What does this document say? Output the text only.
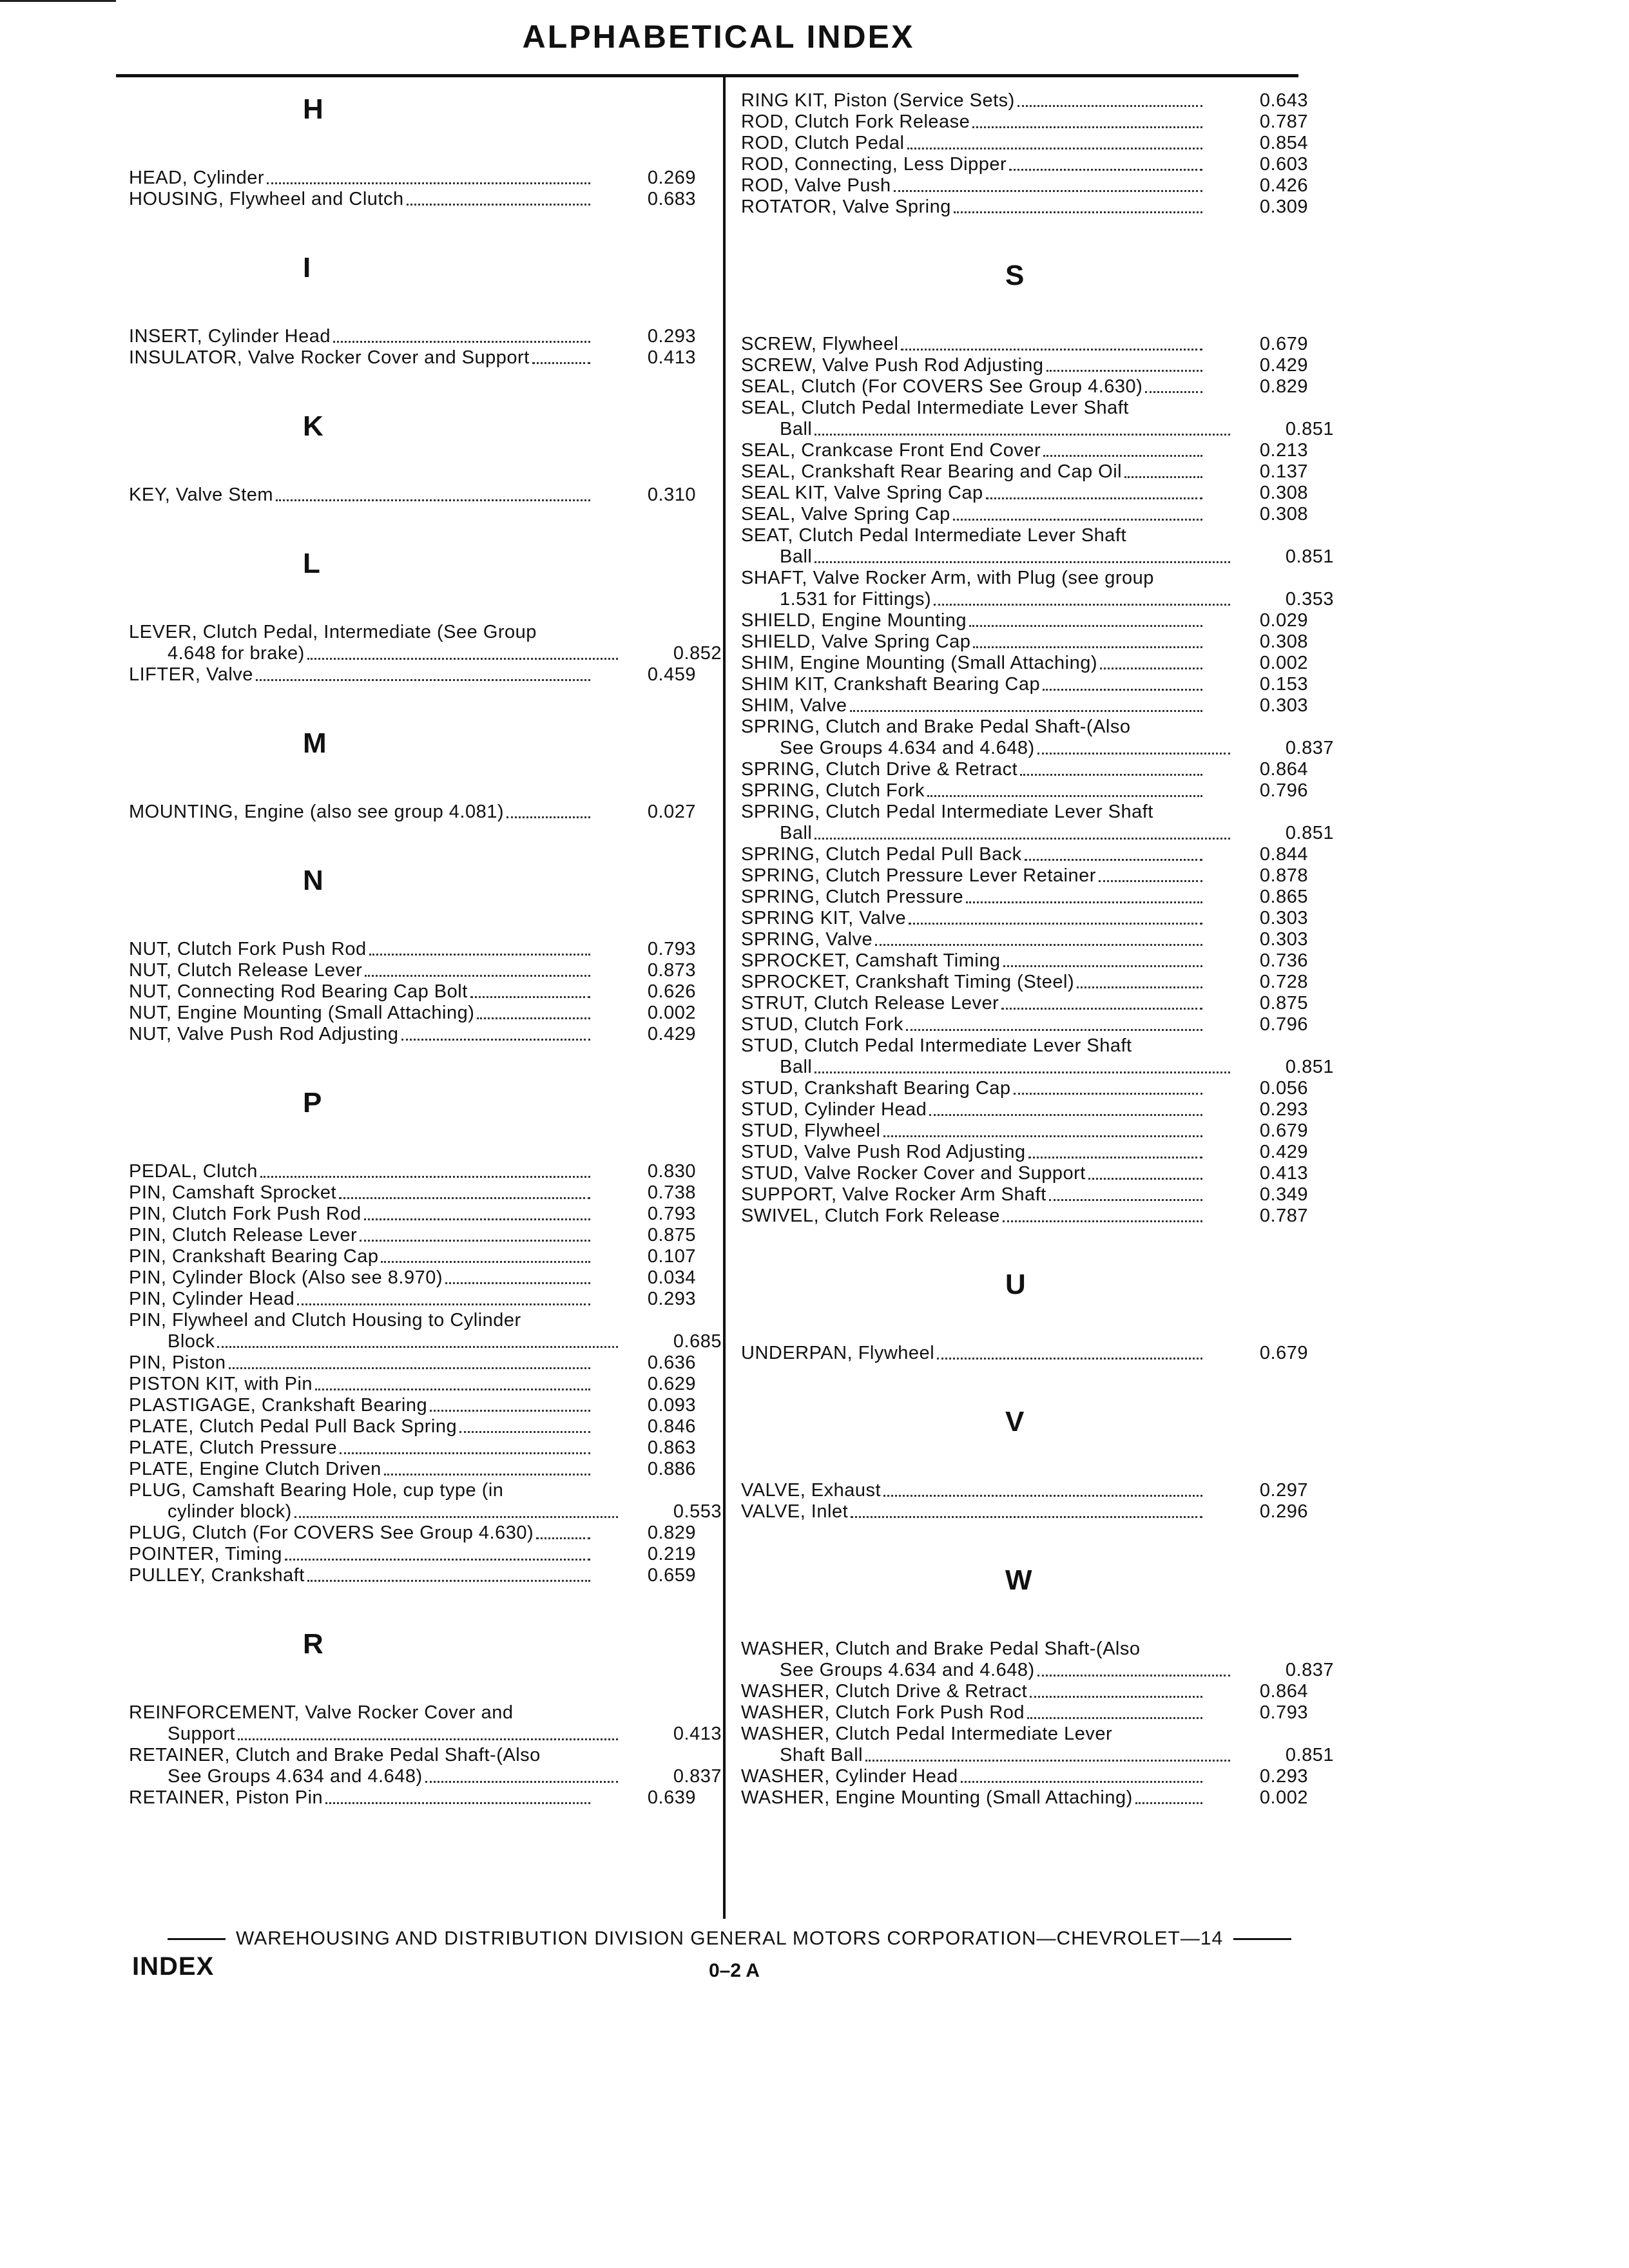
ALPHABETICAL INDEX
H
HEAD, Cylinder	0.269
HOUSING, Flywheel and Clutch	0.683
I
INSERT, Cylinder Head	0.293
INSULATOR, Valve Rocker Cover and Support	0.413
K
KEY, Valve Stem	0.310
L
LEVER, Clutch Pedal, Intermediate (See Group
4.648 for brake)	0.852
LIFTER, Valve	0.459
M
MOUNTING, Engine (also see group 4.081)	0.027
N
NUT, Clutch Fork Push Rod	0.793
NUT, Clutch Release Lever	0.873
NUT, Connecting Rod Bearing Cap Bolt	0.626
NUT, Engine Mounting (Small Attaching)	0.002
NUT, Valve Push Rod Adjusting	0.429
P
PEDAL, Clutch	0.830
PIN, Camshaft Sprocket	0.738
PIN, Clutch Fork Push Rod	0.793
PIN, Clutch Release Lever	0.875
PIN, Crankshaft Bearing Cap	0.107
PIN, Cylinder Block (Also see 8.970)	0.034
PIN, Cylinder Head	0.293
PIN, Flywheel and Clutch Housing to Cylinder
Block	0.685
PIN, Piston	0.636
PISTON KIT, with Pin	0.629
PLASTIGAGE, Crankshaft Bearing	0.093
PLATE, Clutch Pedal Pull Back Spring	0.846
PLATE, Clutch Pressure	0.863
PLATE, Engine Clutch Driven	0.886
PLUG, Camshaft Bearing Hole, cup type (in
cylinder block)	0.553
PLUG, Clutch (For COVERS See Group 4.630)	0.829
POINTER, Timing	0.219
PULLEY, Crankshaft	0.659
R
REINFORCEMENT, Valve Rocker Cover and
Support	0.413
RETAINER, Clutch and Brake Pedal Shaft-(Also
See Groups 4.634 and 4.648)	0.837
RETAINER, Piston Pin	0.639
RING KIT, Piston (Service Sets)	0.643
ROD, Clutch Fork Release	0.787
ROD, Clutch Pedal	0.854
ROD, Connecting, Less Dipper	0.603
ROD, Valve Push	0.426
ROTATOR, Valve Spring	0.309
S
SCREW, Flywheel	0.679
SCREW, Valve Push Rod Adjusting	0.429
SEAL, Clutch (For COVERS See Group 4.630)	0.829
SEAL, Clutch Pedal Intermediate Lever Shaft
Ball	0.851
SEAL, Crankcase Front End Cover	0.213
SEAL, Crankshaft Rear Bearing and Cap Oil	0.137
SEAL KIT, Valve Spring Cap	0.308
SEAL, Valve Spring Cap	0.308
SEAT, Clutch Pedal Intermediate Lever Shaft
Ball	0.851
SHAFT, Valve Rocker Arm, with Plug (see group
1.531 for Fittings)	0.353
SHIELD, Engine Mounting	0.029
SHIELD, Valve Spring Cap	0.308
SHIM, Engine Mounting (Small Attaching)	0.002
SHIM KIT, Crankshaft Bearing Cap	0.153
SHIM, Valve	0.303
SPRING, Clutch and Brake Pedal Shaft-(Also
See Groups 4.634 and 4.648)	0.837
SPRING, Clutch Drive & Retract	0.864
SPRING, Clutch Fork	0.796
SPRING, Clutch Pedal Intermediate Lever Shaft
Ball	0.851
SPRING, Clutch Pedal Pull Back	0.844
SPRING, Clutch Pressure Lever Retainer	0.878
SPRING, Clutch Pressure	0.865
SPRING KIT, Valve	0.303
SPRING, Valve	0.303
SPROCKET, Camshaft Timing	0.736
SPROCKET, Crankshaft Timing (Steel)	0.728
STRUT, Clutch Release Lever	0.875
STUD, Clutch Fork	0.796
STUD, Clutch Pedal Intermediate Lever Shaft
Ball	0.851
STUD, Crankshaft Bearing Cap	0.056
STUD, Cylinder Head	0.293
STUD, Flywheel	0.679
STUD, Valve Push Rod Adjusting	0.429
STUD, Valve Rocker Cover and Support	0.413
SUPPORT, Valve Rocker Arm Shaft	0.349
SWIVEL, Clutch Fork Release	0.787
U
UNDERPAN, Flywheel	0.679
V
VALVE, Exhaust	0.297
VALVE, Inlet	0.296
W
WASHER, Clutch and Brake Pedal Shaft-(Also
See Groups 4.634 and 4.648)	0.837
WASHER, Clutch Drive & Retract	0.864
WASHER, Clutch Fork Push Rod	0.793
WASHER, Clutch Pedal Intermediate Lever
Shaft Ball	0.851
WASHER, Cylinder Head	0.293
WASHER, Engine Mounting (Small Attaching)	0.002
WAREHOUSING AND DISTRIBUTION DIVISION GENERAL MOTORS CORPORATION—CHEVROLET—14
INDEX	0–2 A
